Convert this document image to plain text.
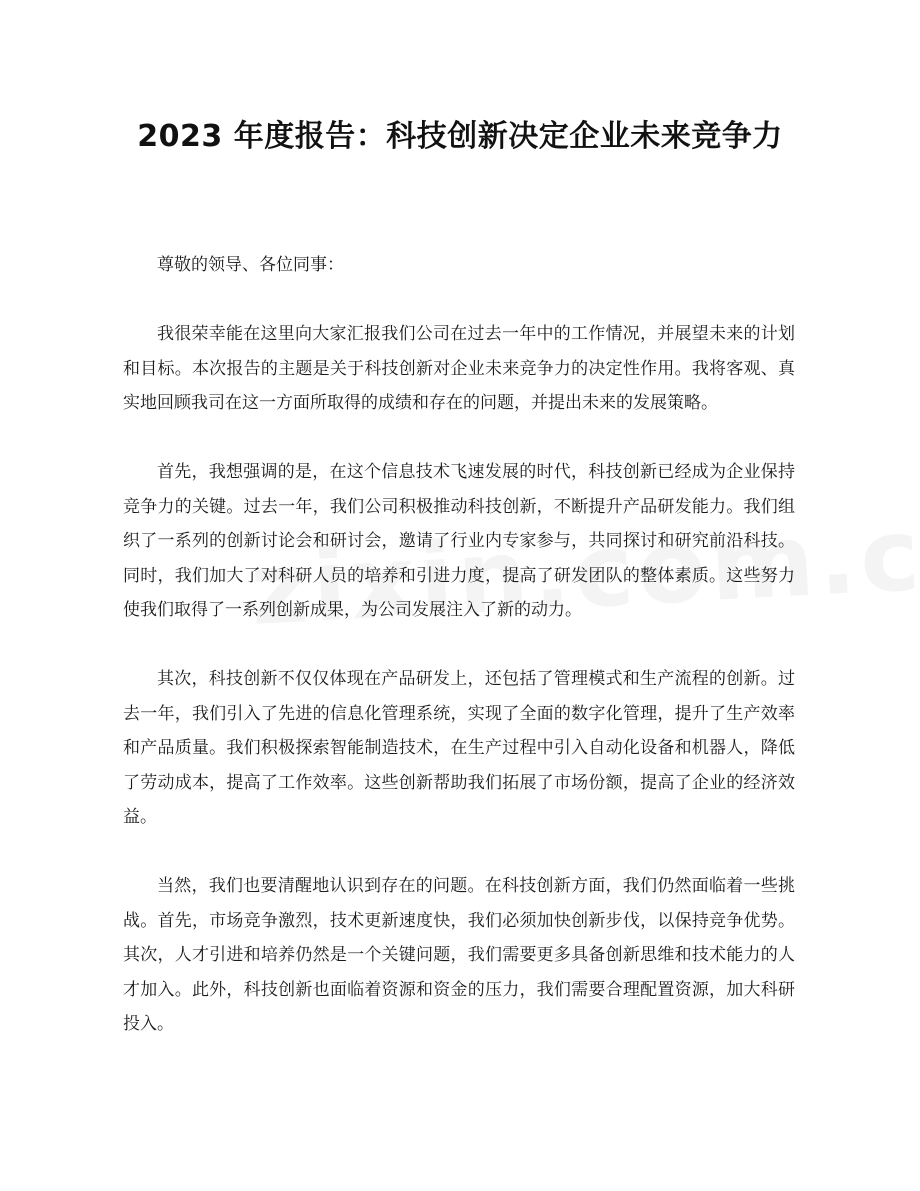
2023 年度报告：科技创新决定企业未来竞争力

尊敬的领导、各位同事：

我很荣幸能在这里向大家汇报我们公司在过去一年中的工作情况，并展望未来的计划和目标。本次报告的主题是关于科技创新对企业未来竞争力的决定性作用。我将客观、真实地回顾我司在这一方面所取得的成绩和存在的问题，并提出未来的发展策略。

首先，我想强调的是，在这个信息技术飞速发展的时代，科技创新已经成为企业保持竞争力的关键。过去一年，我们公司积极推动科技创新，不断提升产品研发能力。我们组织了一系列的创新讨论会和研讨会，邀请了行业内专家参与，共同探讨和研究前沿科技。同时，我们加大了对科研人员的培养和引进力度，提高了研发团队的整体素质。这些努力使我们取得了一系列创新成果，为公司发展注入了新的动力。

其次，科技创新不仅仅体现在产品研发上，还包括了管理模式和生产流程的创新。过去一年，我们引入了先进的信息化管理系统，实现了全面的数字化管理，提升了生产效率和产品质量。我们积极探索智能制造技术，在生产过程中引入自动化设备和机器人，降低了劳动成本，提高了工作效率。这些创新帮助我们拓展了市场份额，提高了企业的经济效益。

当然，我们也要清醒地认识到存在的问题。在科技创新方面，我们仍然面临着一些挑战。首先，市场竞争激烈，技术更新速度快，我们必须加快创新步伐，以保持竞争优势。其次，人才引进和培养仍然是一个关键问题，我们需要更多具备创新思维和技术能力的人才加入。此外，科技创新也面临着资源和资金的压力，我们需要合理配置资源，加大科研投入。
